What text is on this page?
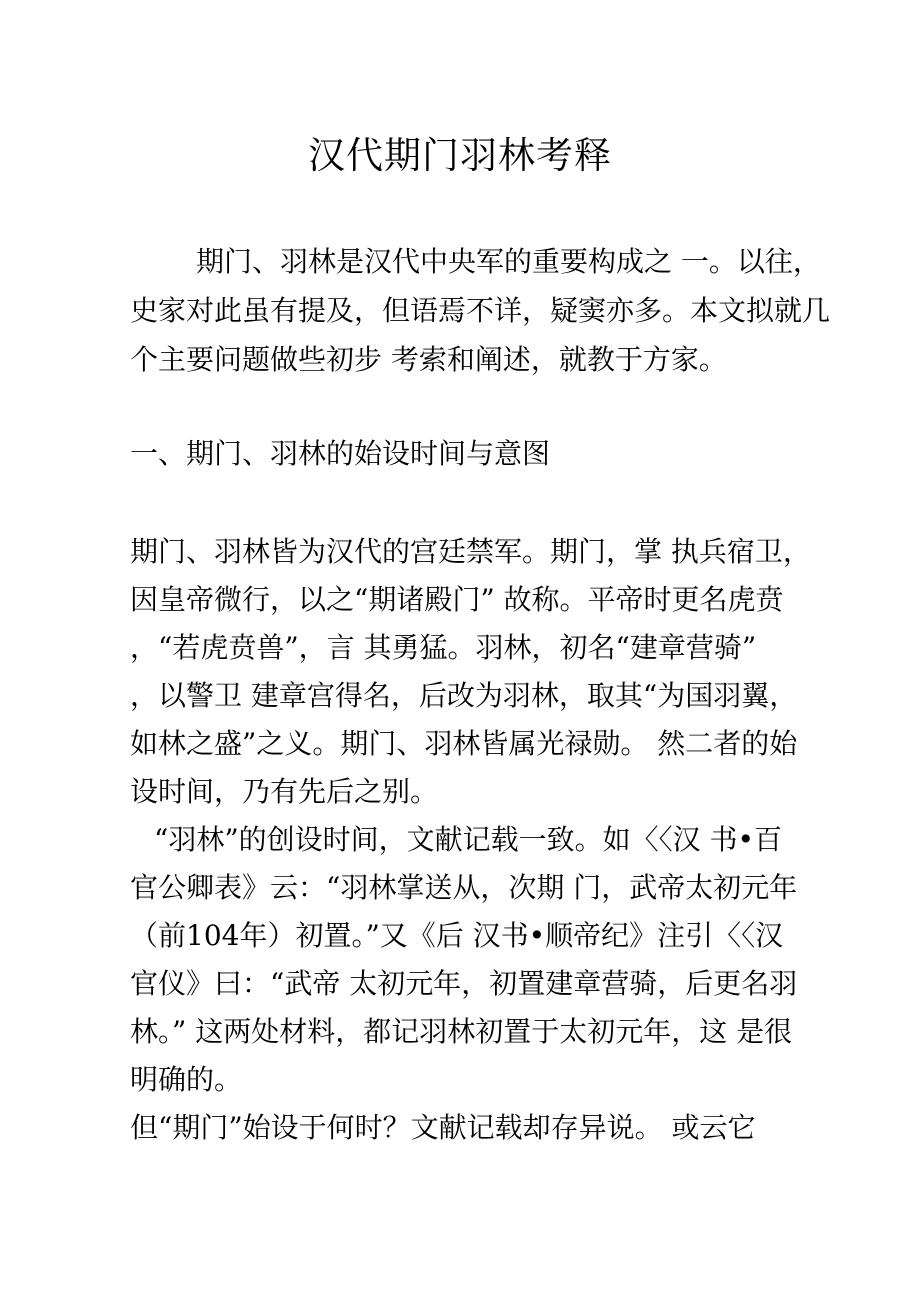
汉代期门羽林考释
期门、羽林是汉代中央军的重要构成之 一。以往，
史家对此虽有提及，但语焉不详，疑窦亦多。本文拟就几
个主要问题做些初步 考索和阐述，就教于方家。
一、期门、羽林的始设时间与意图
期门、羽林皆为汉代的宫廷禁军。期门，掌 执兵宿卫，
因皇帝微行，以之“期诸殿门” 故称。平帝时更名虎贲
，“若虎贲兽”，言 其勇猛。羽林，初名“建章营骑”
，以警卫 建章宫得名，后改为羽林，取其“为国羽翼，
如林之盛”之义。期门、羽林皆属光禄勋。 然二者的始
设时间，乃有先后之别。
“羽林”的创设时间，文献记载一致。如〈〈汉 书•百
官公卿表》云：“羽林掌送从，次期 门，武帝太初元年
（前104年）初置。”又《后 汉书•顺帝纪》注引〈〈汉
官仪》曰：“武帝 太初元年，初置建章营骑，后更名羽
林。” 这两处材料，都记羽林初置于太初元年，这 是很
明确的。
但“期门”始设于何时？文献记载却存异说。 或云它
